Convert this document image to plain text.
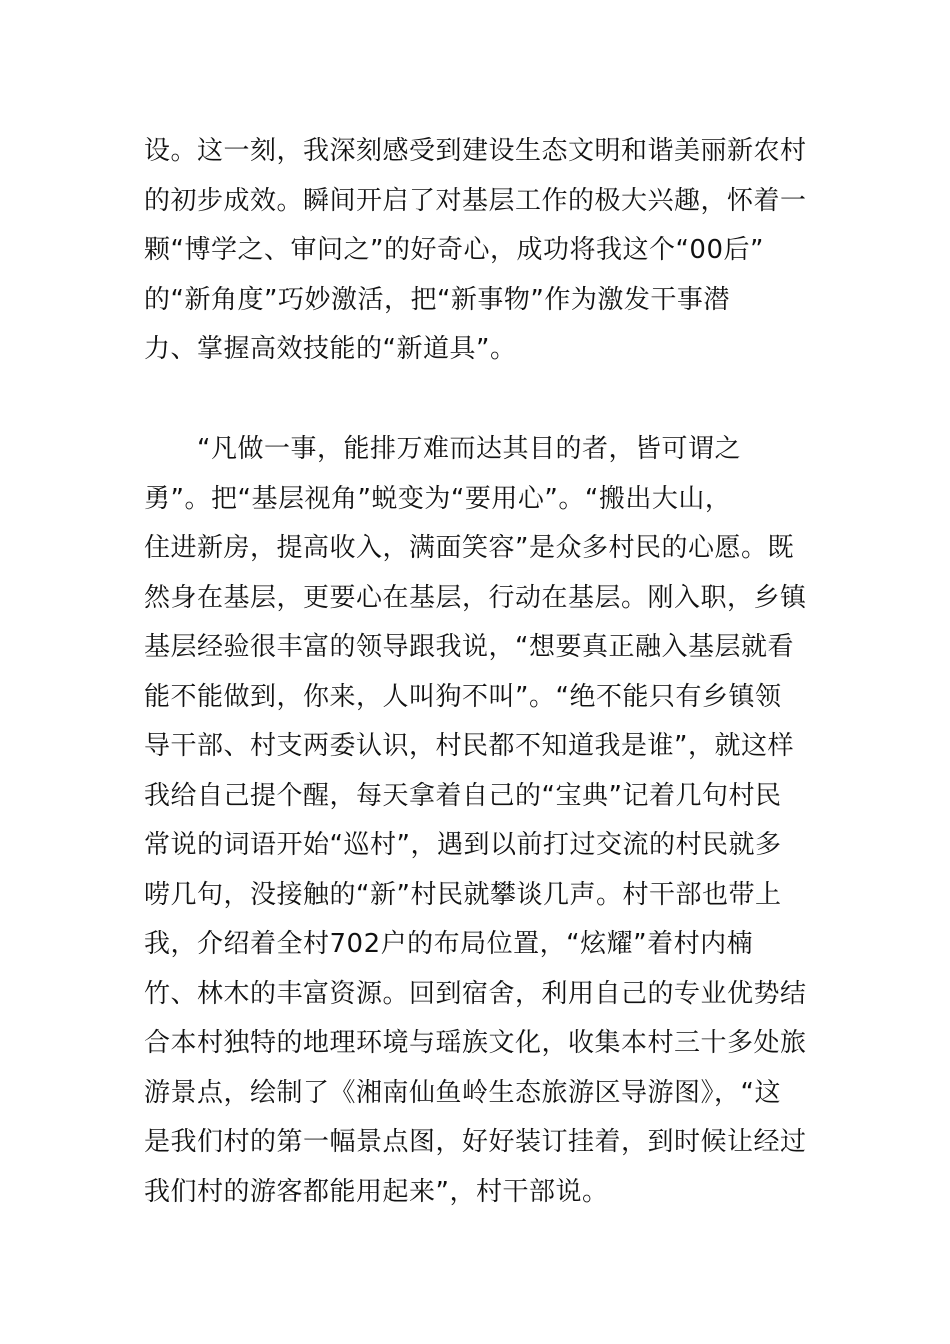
设。这一刻，我深刻感受到建设生态文明和谐美丽新农村
的初步成效。瞬间开启了对基层工作的极大兴趣，怀着一
颗“博学之、审问之”的好奇心，成功将我这个“00后”
的“新角度”巧妙激活，把“新事物”作为激发干事潜
力、掌握高效技能的“新道具”。
　　“凡做一事，能排万难而达其目的者，皆可谓之
勇”。把“基层视角”蜕变为“要用心”。“搬出大山，
住进新房，提高收入，满面笑容”是众多村民的心愿。既
然身在基层，更要心在基层，行动在基层。刚入职，乡镇
基层经验很丰富的领导跟我说，“想要真正融入基层就看
能不能做到，你来，人叫狗不叫”。“绝不能只有乡镇领
导干部、村支两委认识，村民都不知道我是谁”，就这样
我给自己提个醒，每天拿着自己的“宝典”记着几句村民
常说的词语开始“巡村”，遇到以前打过交流的村民就多
唠几句，没接触的“新”村民就攀谈几声。村干部也带上
我，介绍着全村702户的布局位置，“炫耀”着村内楠
竹、林木的丰富资源。回到宿舍，利用自己的专业优势结
合本村独特的地理环境与瑶族文化，收集本村三十多处旅
游景点，绘制了《湘南仙鱼岭生态旅游区导游图》，“这
是我们村的第一幅景点图，好好装订挂着，到时候让经过
我们村的游客都能用起来”，村干部说。
